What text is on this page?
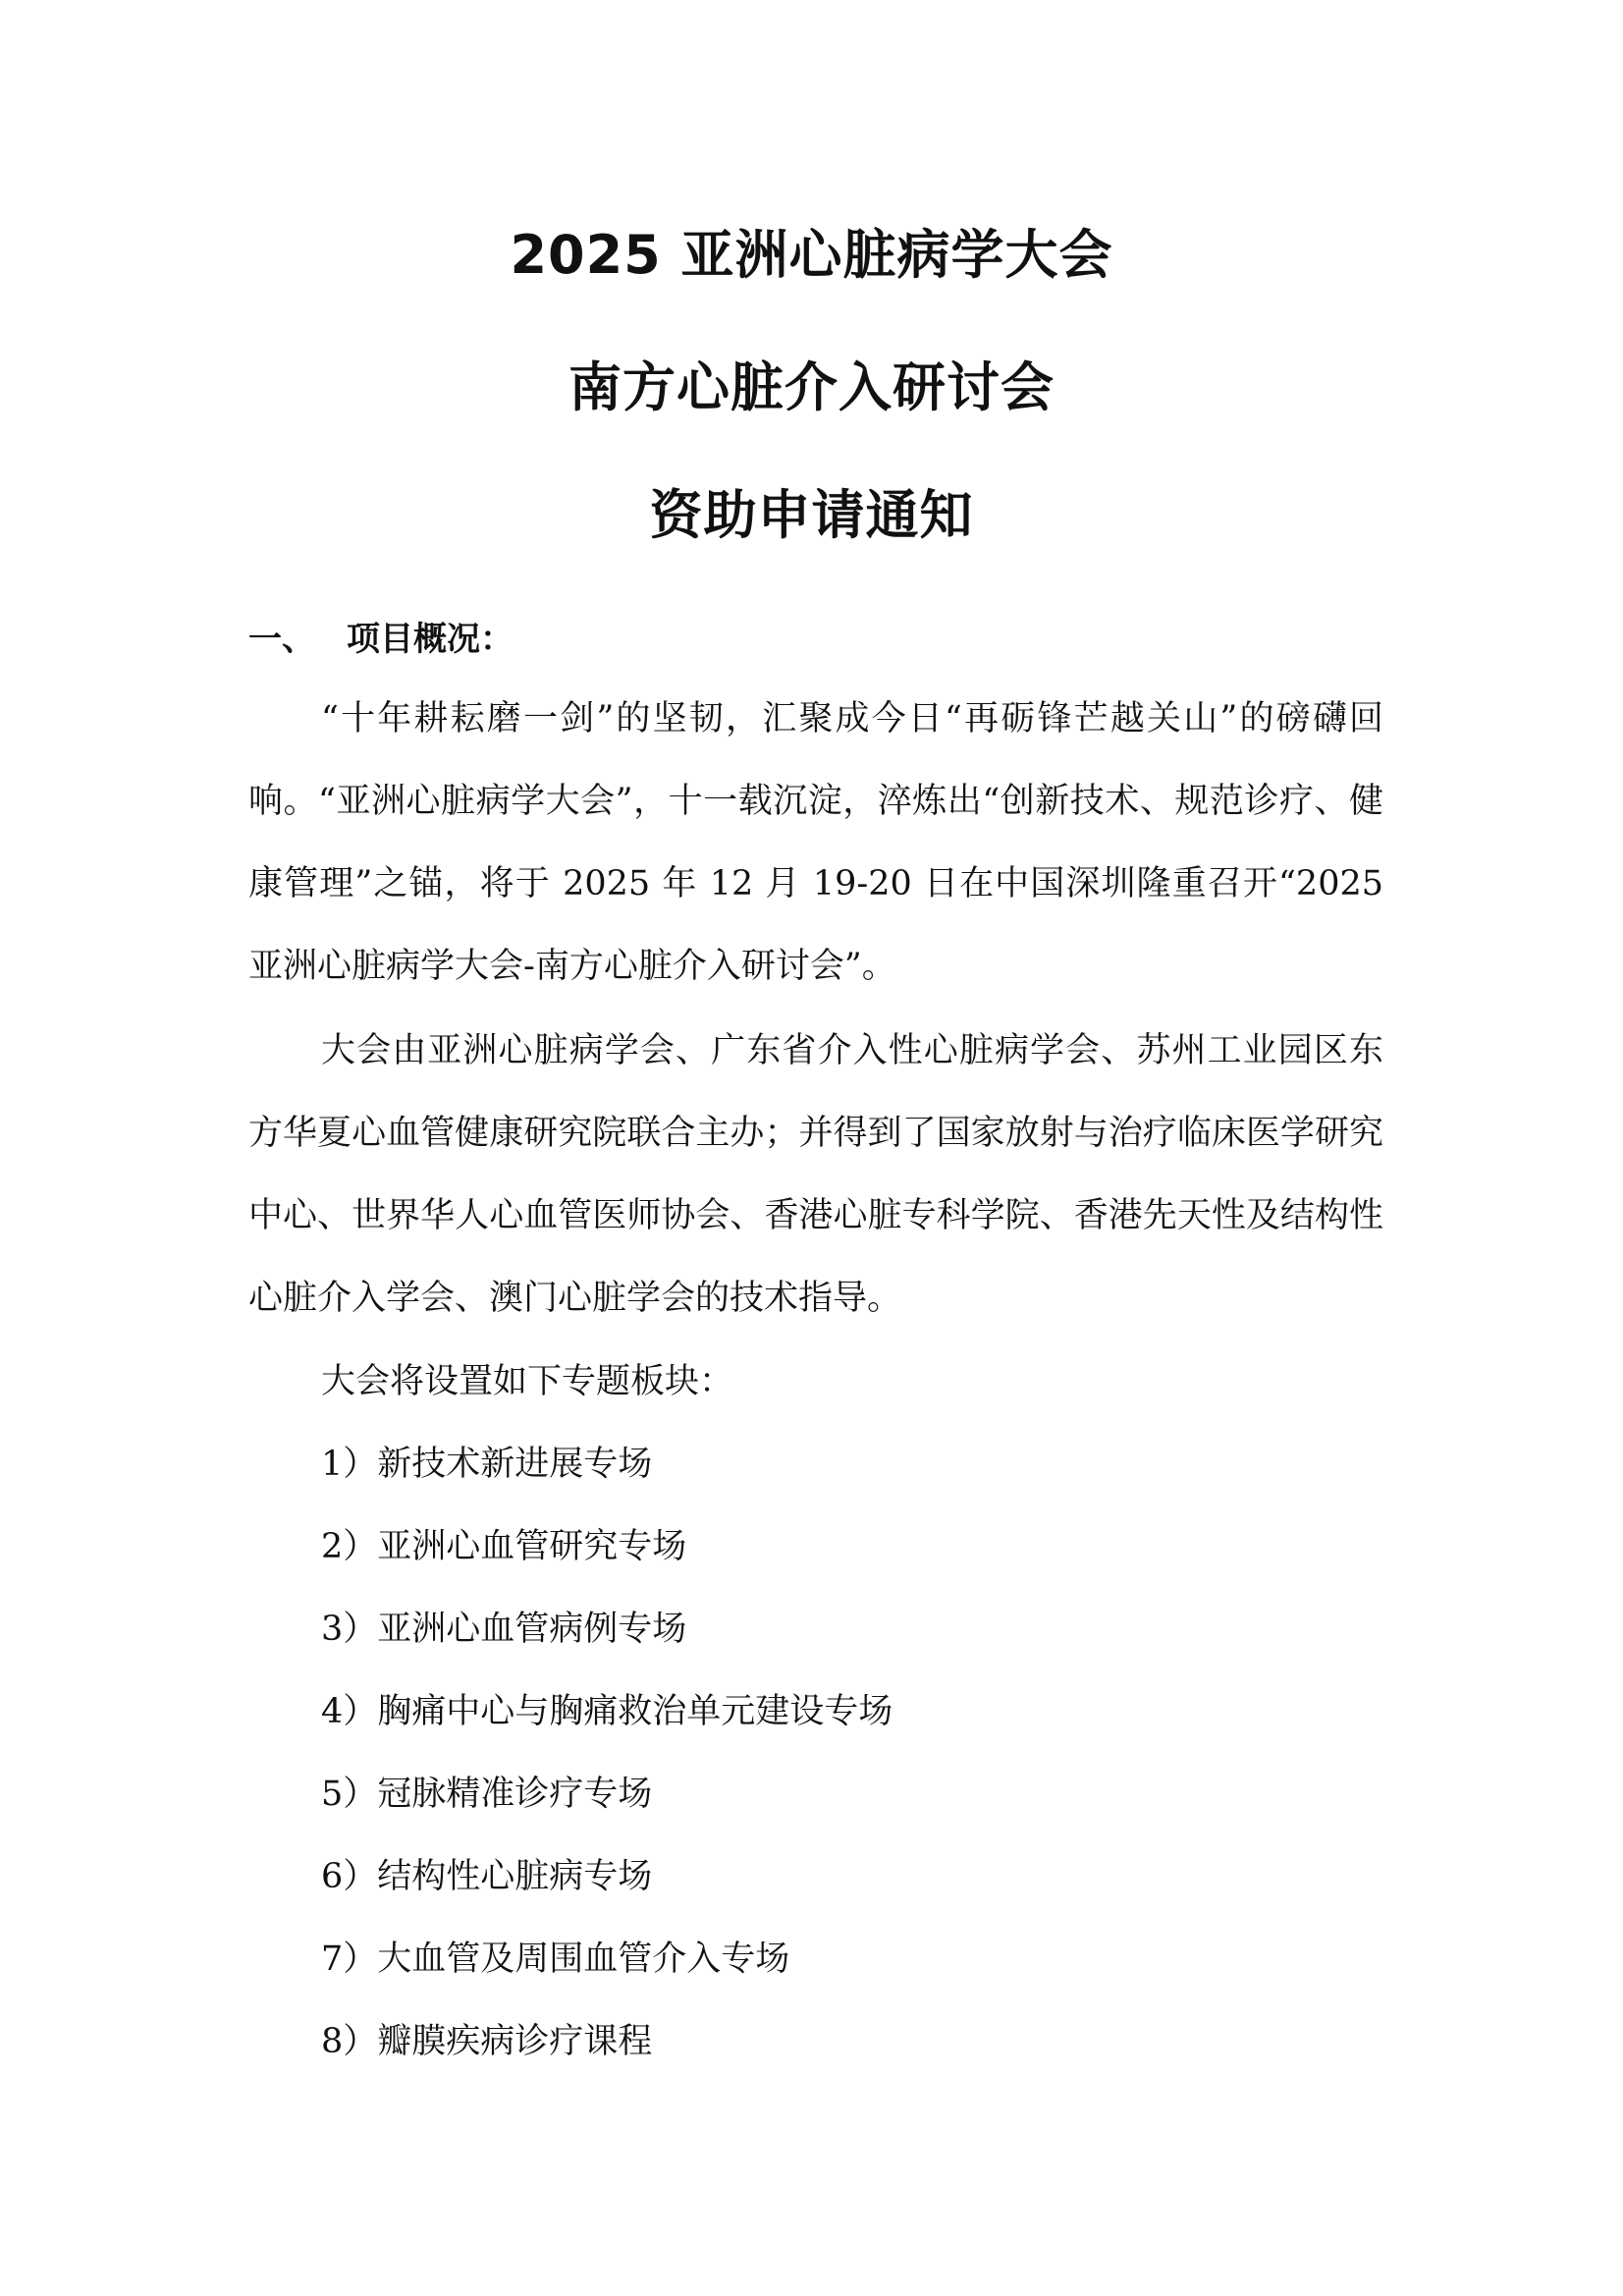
2025 亚洲心脏病学大会
南方心脏介入研讨会
资助申请通知
一、 项目概况：

“十年耕耘磨一剑”的坚韧，汇聚成今日“再砺锋芒越关山”的磅礴回响。“亚洲心脏病学大会”，十一载沉淀，淬炼出“创新技术、规范诊疗、健康管理”之锚，将于 2025 年 12 月 19-20 日在中国深圳隆重召开“2025 亚洲心脏病学大会-南方心脏介入研讨会”。

大会由亚洲心脏病学会、广东省介入性心脏病学会、苏州工业园区东方华夏心血管健康研究院联合主办；并得到了国家放射与治疗临床医学研究中心、世界华人心血管医师协会、香港心脏专科学院、香港先天性及结构性心脏介入学会、澳门心脏学会的技术指导。

大会将设置如下专题板块：

1）新技术新进展专场
2）亚洲心血管研究专场
3）亚洲心血管病例专场
4）胸痛中心与胸痛救治单元建设专场
5）冠脉精准诊疗专场
6）结构性心脏病专场
7）大血管及周围血管介入专场
8）瓣膜疾病诊疗课程
